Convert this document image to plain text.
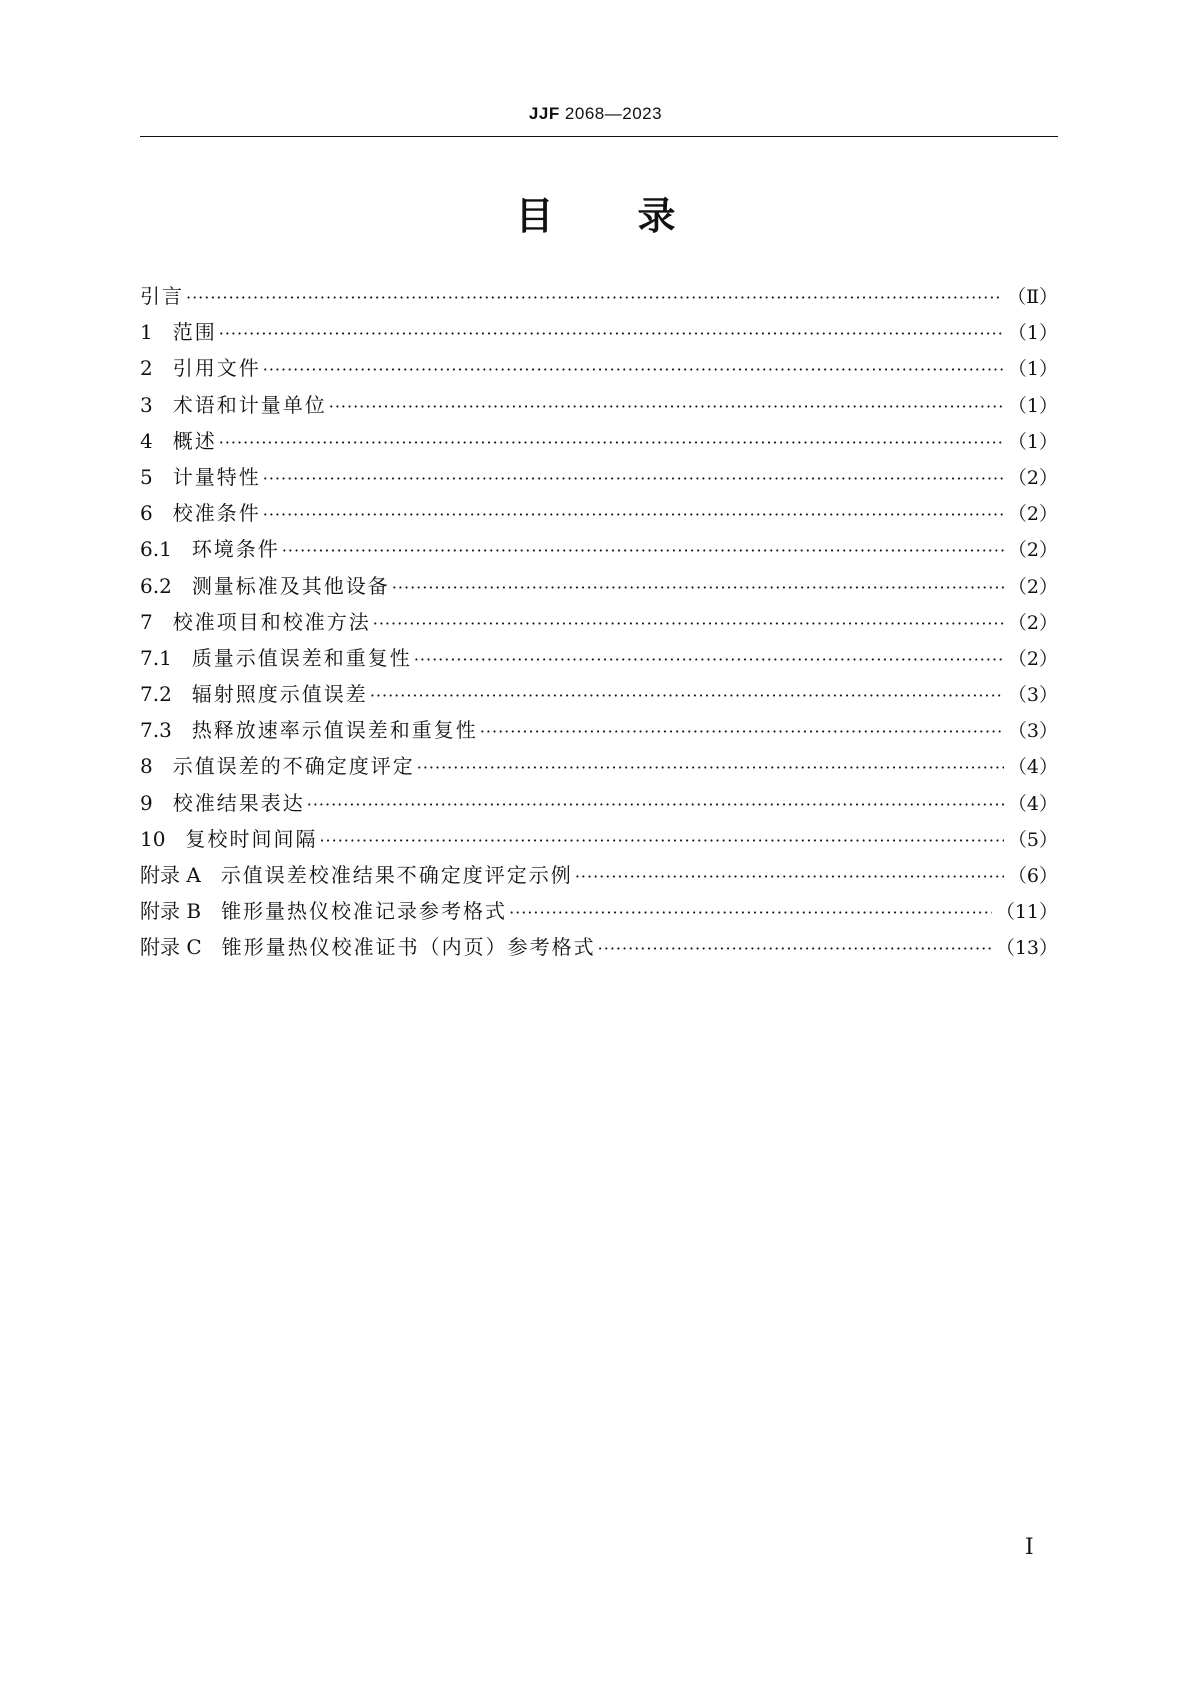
JJF 2068—2023
目录
引言 ·····	（Ⅱ）
1 范围 ·····	（1）
2 引用文件 ·····	（1）
3 术语和计量单位 ·····	（1）
4 概述 ·····	（1）
5 计量特性 ·····	（2）
6 校准条件 ·····	（2）
6.1 环境条件 ·····	（2）
6.2 测量标准及其他设备 ·····	（2）
7 校准项目和校准方法 ·····	（2）
7.1 质量示值误差和重复性 ·····	（2）
7.2 辐射照度示值误差 ·····	（3）
7.3 热释放速率示值误差和重复性 ·····	（3）
8 示值误差的不确定度评定 ·····	（4）
9 校准结果表达 ·····	（4）
10 复校时间间隔 ·····	（5）
附录 A 示值误差校准结果不确定度评定示例 ·····	（6）
附录 B 锥形量热仪校准记录参考格式 ·····	（11）
附录 C 锥形量热仪校准证书（内页）参考格式 ·····	（13）
I
